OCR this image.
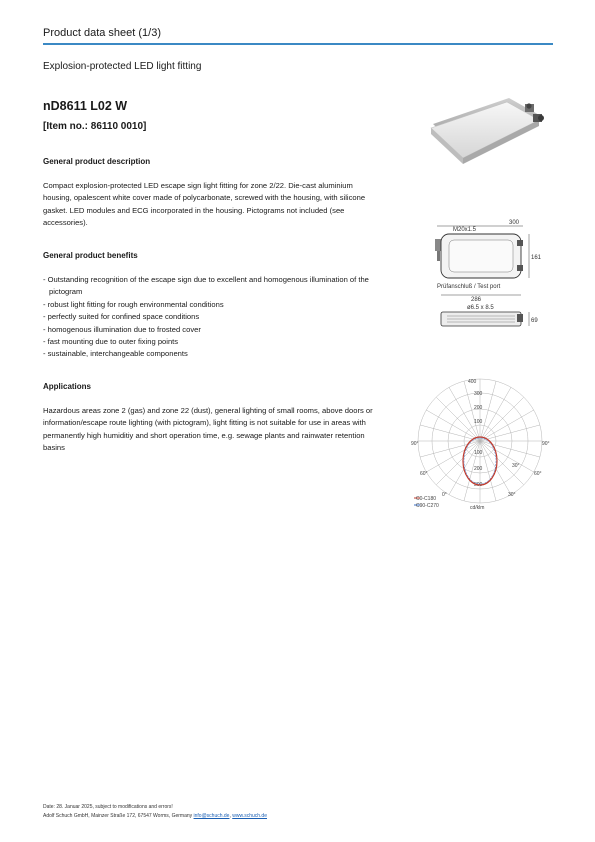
Product data sheet (1/3)
Explosion-protected LED light fitting
nD8611 L02 W
[Item no.: 86110 0010]
General product description
Compact explosion-protected LED escape sign light fitting for zone 2/22. Die-cast aluminium housing, opalescent white cover made of polycarbonate, screwed with the housing, with silicone gasket. LED modules and ECG incorporated in the housing. Pictograms not included (see accessories).
General product benefits
- Outstanding recognition of the escape sign due to excellent and homogenous illumination of the pictogram
- robust light fitting for rough environmental conditions
- perfectly suited for confined space conditions
- homogenous illumination due to frosted cover
- fast mounting due to outer fixing points
- sustainable, interchangeable components
Applications
Hazardous areas zone 2 (gas) and zone 22 (dust), general lighting of small rooms, above doors or information/escape route lighting (with pictogram), light fitting is not suitable for use in areas with permanently high humiditiy and short operation time, e.g. sewage plants and rainwater retention basins
300
M20x1.5
161
Prüfanschluß / Test port
286
ø6.5 x 8.5
69
400
300
200
100
100
200
300
0°	30°
60°
90°	90°
60°
30°
C0-C180
C90-C270	cd/klm
Date: 28. Januar 2025, subject to modifications and errors!
Adolf Schuch GmbH, Mainzer Straße 172, 67547 Worms, Germany info@schuch.de, www.schuch.de
